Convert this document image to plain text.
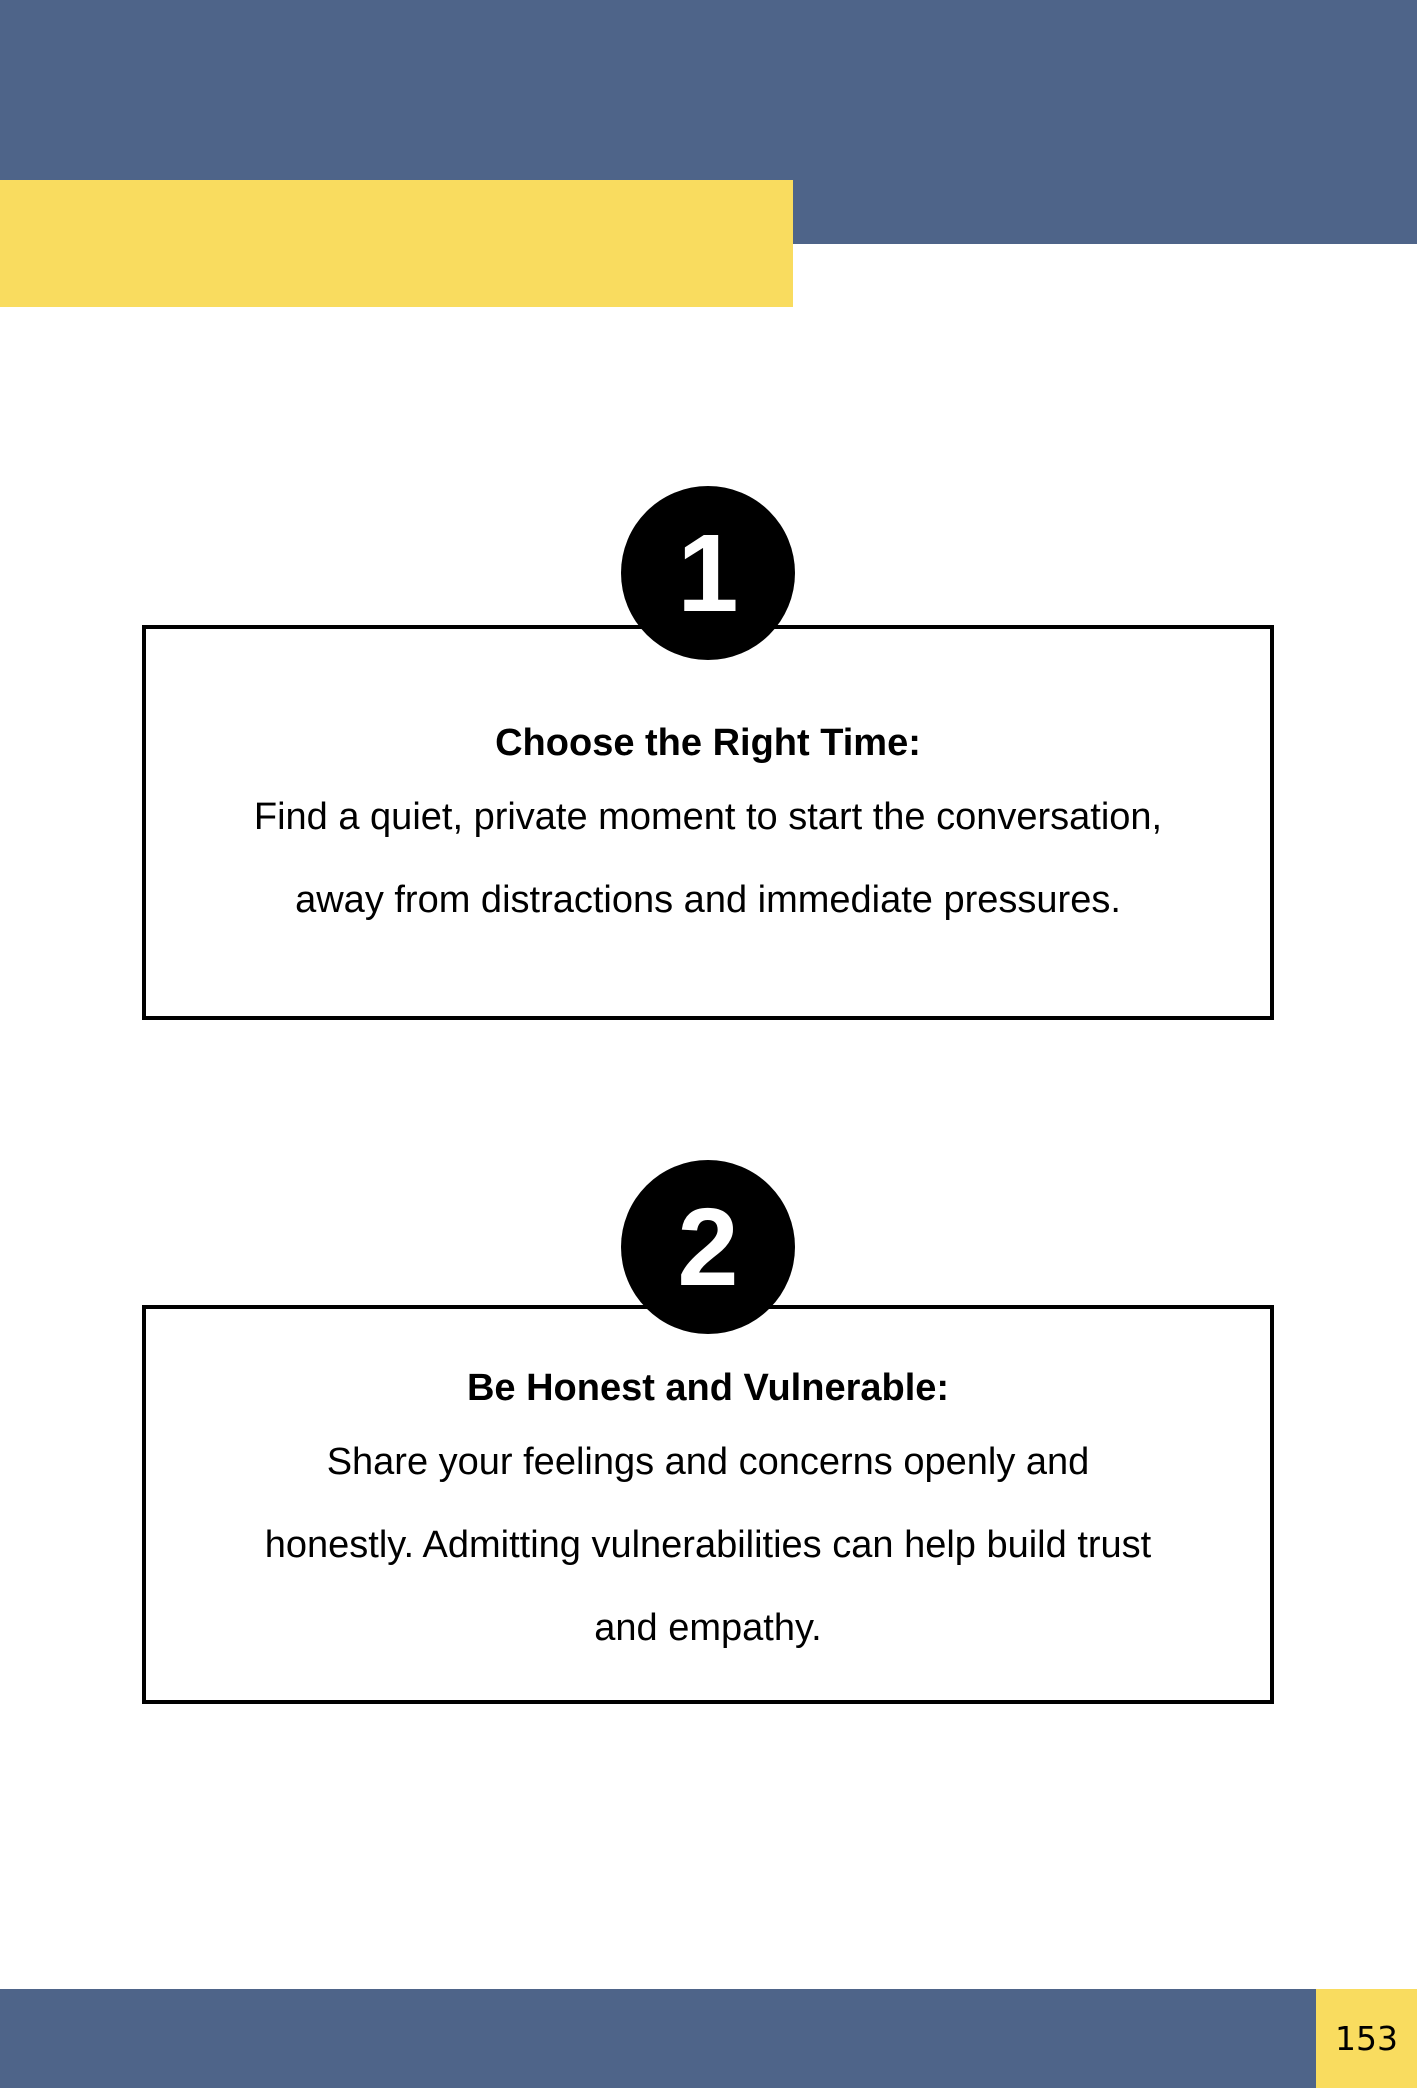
Choose the Right Time:

Find a quiet, private moment to start the conversation,
away from distractions and immediate pressures.

1

Be Honest and Vulnerable:

Share your feelings and concerns openly and
honestly. Admitting vulnerabilities can help build trust
and empathy.

2
153
